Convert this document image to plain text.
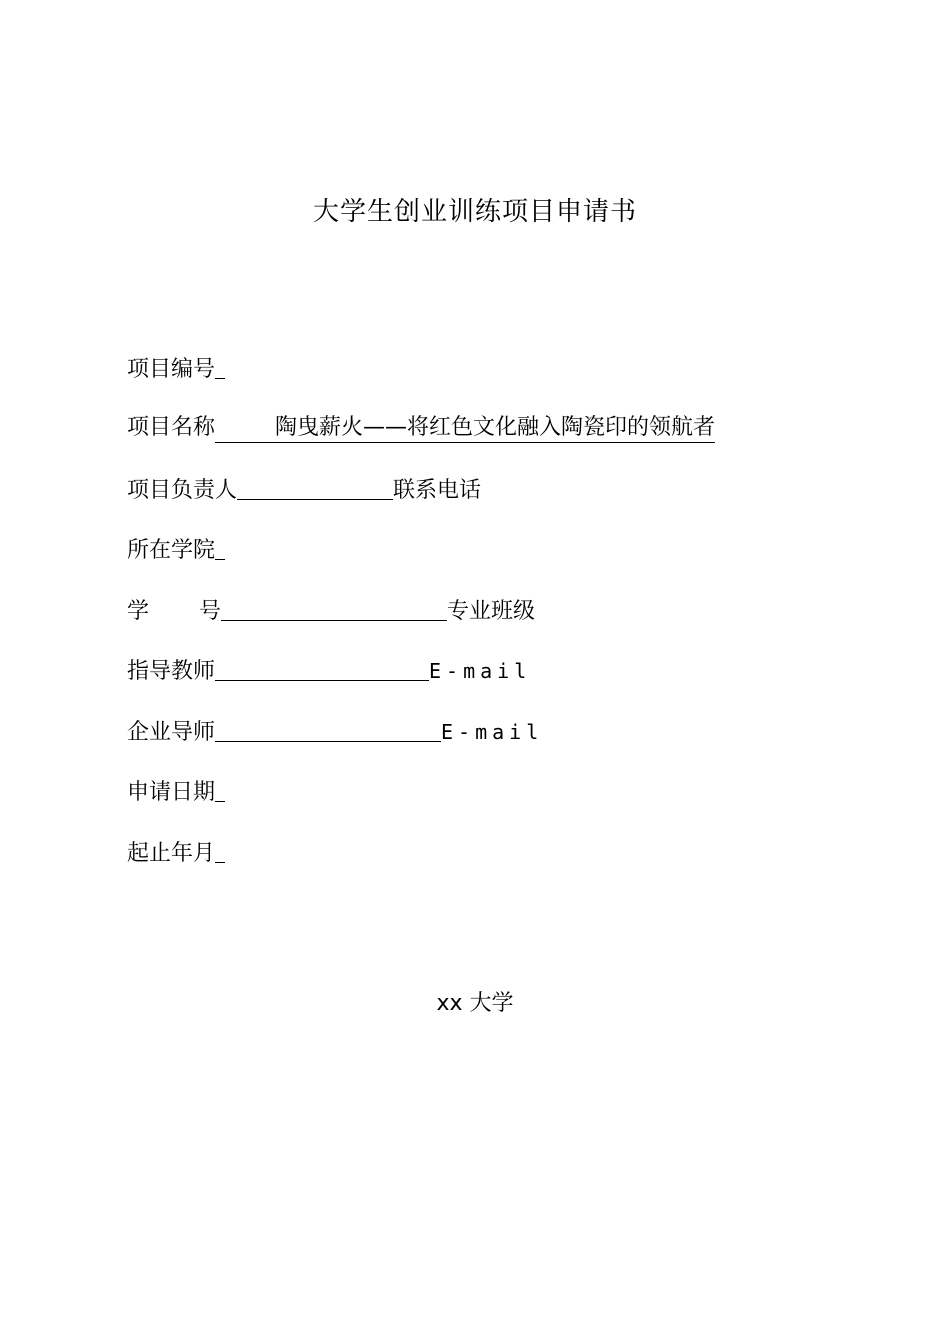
大学生创业训练项目申请书
项目编号
项目名称	陶曳薪火——将红色文化融入陶瓷印的领航者
项目负责人	联系电话
所在学院
学 号	专业班级
指导教师	E-mail
企业导师	E-mail
申请日期
起止年月
xx 大学
